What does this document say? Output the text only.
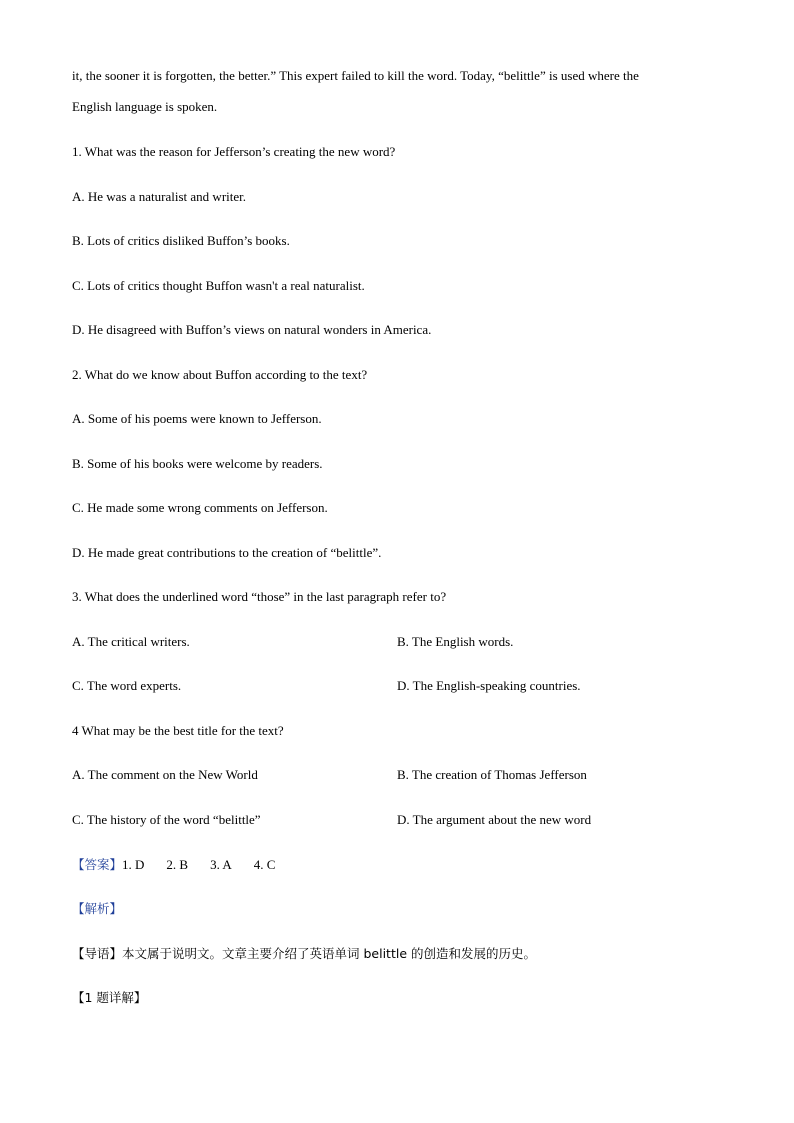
it, the sooner it is forgotten, the better.” This expert failed to kill the word. Today, “belittle” is used where the
English language is spoken.
1. What was the reason for Jefferson’s creating the new word?
A. He was a naturalist and writer.
B. Lots of critics disliked Buffon’s books.
C. Lots of critics thought Buffon wasn't a real naturalist.
D. He disagreed with Buffon’s views on natural wonders in America.
2. What do we know about Buffon according to the text?
A. Some of his poems were known to Jefferson.
B. Some of his books were welcome by readers.
C. He made some wrong comments on Jefferson.
D. He made great contributions to the creation of “belittle”.
3. What does the underlined word “those” in the last paragraph refer to?
A. The critical writers.	B. The English words.
C. The word experts.	D. The English-speaking countries.
4 What may be the best title for the text?
A. The comment on the New World	B. The creation of Thomas Jefferson
C. The history of the word “belittle”	D. The argument about the new word
【答案】1. D 2. B 3. A 4. C
【解析】
【导语】本文属于说明文。文章主要介绍了英语单词 belittle 的创造和发展的历史。
【1 题详解】
